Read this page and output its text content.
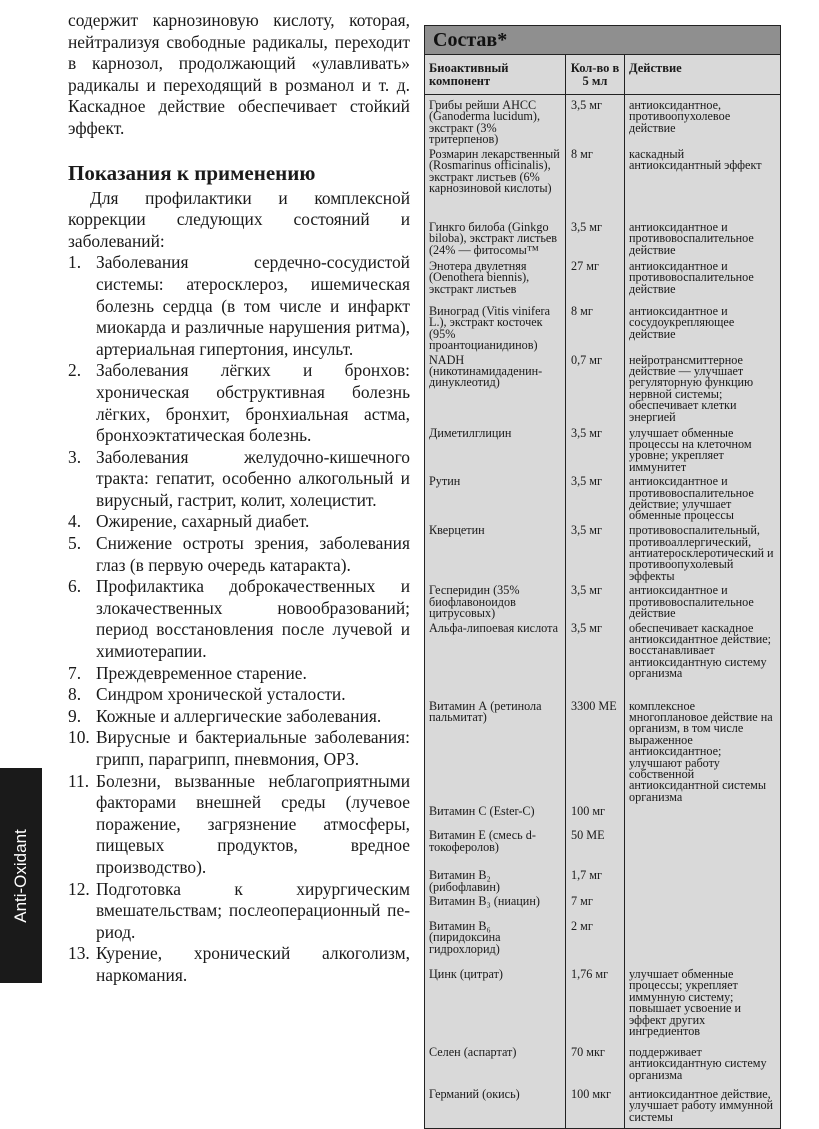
Anti-Oxidant

содержит карнозиновую кислоту, которая, нейтрализуя свободные радикалы, переходит в карнозол, продолжающий «улавливать» радикалы и переходящий в розманол и т. д. Каскадное действие обеспечивает стойкий эффект.

Показания к применению

Для профилактики и комплексной коррекции следующих состояний и заболеваний:

1. Заболевания сердечно-сосудистой системы: атеросклероз, ишемическая болезнь сердца (в том числе и инфаркт миокарда и различные нарушения ритма), артериальная гипертония, инсульт.
2. Заболевания лёгких и бронхов: хроническая обструктивная болезнь лёгких, бронхит, бронхиальная астма, бронхоэктатическая болезнь.
3. Заболевания желудочно-кишечного тракта: гепатит, особенно алкогольный и вирусный, гастрит, колит, холецистит.
4. Ожирение, сахарный диабет.
5. Снижение остроты зрения, заболевания глаз (в первую очередь катаракта).
6. Профилактика доброкачественных и злокачественных новообразований; период восстановления после лучевой и химиотерапии.
7. Преждевременное старение.
8. Синдром хронической усталости.
9. Кожные и аллергические заболевания.
10. Вирусные и бактериальные заболевания: грипп, парагрипп, пневмония, ОРЗ.
11. Болезни, вызванные неблагоприятными факторами внешней среды (лучевое поражение, загрязнение атмосферы, пищевых продуктов, вредное производство).
12. Подготовка к хирургическим вмешательствам; послеоперационный пе-риод.
13. Курение, хронический алкоголизм, наркомания.
Состав*
Биоактивный компонент	Кол-во в 5 мл	Действие

Грибы рейши AHCC (Ganoderma lucidum), экстракт (3% тритерпенов)	3,5 мг	антиоксидантное, противоопухолевое действие
Розмарин лекарственный (Rosmarinus officinalis), экстракт листьев (6% карнозиновой кислоты)	8 мг	каскадный антиоксидантный эффект
Гинкго билоба (Ginkgo biloba), экстракт листьев (24% — фитосомы™	3,5 мг	антиоксидантное и противовоспалительное действие
Энотера двулетняя (Oenothera biennis), экстракт листьев	27 мг	антиоксидантное и противовоспалительное действие
Виноград (Vitis vinifera L.), экстракт косточек (95% проантоцианидинов)	8 мг	антиоксидантное и сосудоукрепляющее действие
NADH (никотинамидаденин-динуклеотид)	0,7 мг	нейротрансмиттерное действие — улучшает регуляторную функцию нервной системы; обеспечивает клетки энергией
Диметилглицин	3,5 мг	улучшает обменные процессы на клеточном уровне; укрепляет иммунитет
Рутин	3,5 мг	антиоксидантное и противовоспалительное действие; улучшает обменные процессы
Кверцетин	3,5 мг	противовоспалительный, противоаллергический, антиатеросклеротический и противоопухолевый эффекты
Гесперидин (35% биофлавоноидов цитрусовых)	3,5 мг	антиоксидантное и противовоспалительное действие
Альфа-липоевая кислота	3,5 мг	обеспечивает каскадное антиоксидантное действие; восстанавливает антиоксидантную систему организма
Витамин А (ретинола пальмитат)	3300 МЕ	комплексное многоплановое действие на организм, в том числе выраженное антиоксидантное; улучшают работу собственной антиоксидантной системы организма
Витамин С (Ester-C)	100 мг	
Витамин Е (смесь d-токоферолов)	50 МЕ	
Витамин B₂ (рибофлавин)	1,7 мг	
Витамин B₃ (ниацин)	7 мг	
Витамин B₆ (пиридоксина гидрохлорид)	2 мг	
Цинк (цитрат)	1,76 мг	улучшает обменные процессы; укрепляет иммунную систему; повышает усвоение и эффект других ингредиентов
Селен (аспартат)	70 мкг	поддерживает антиоксидантную систему организма
Германий (окись)	100 мкг	антиоксидантное действие, улучшает работу иммунной системы
